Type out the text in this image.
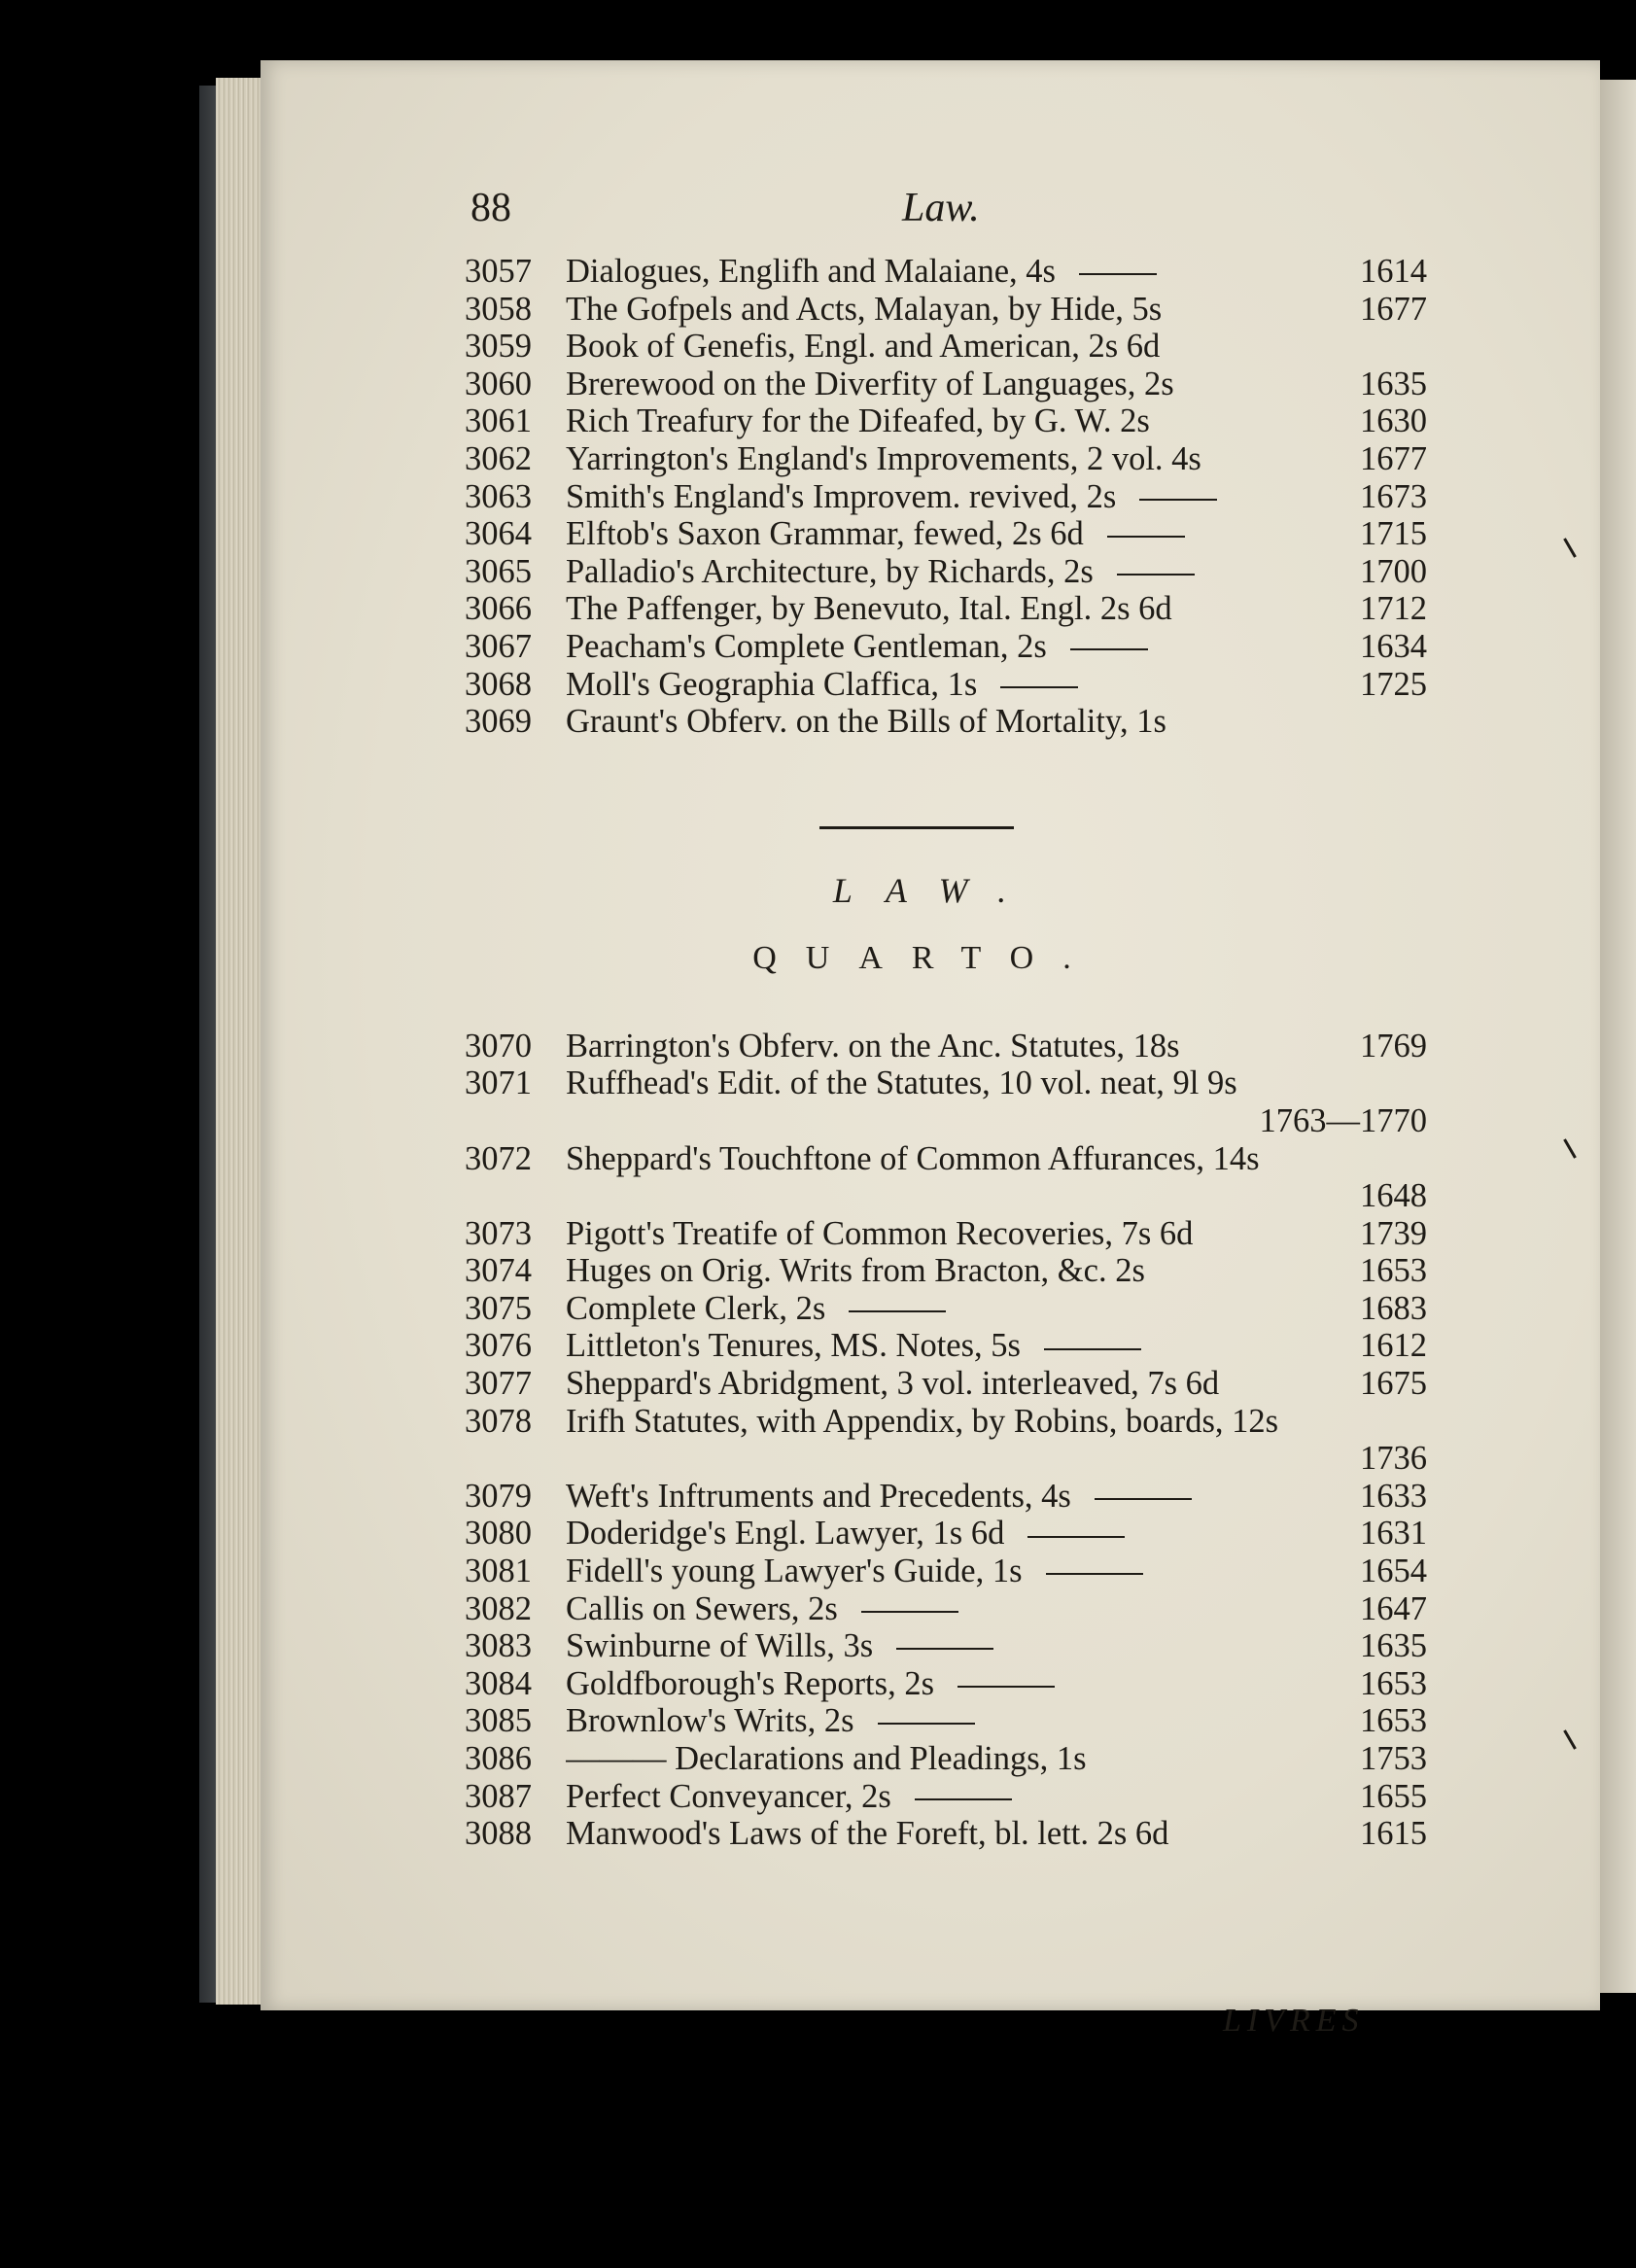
88	Law.
3057	Dialogues, Englifh and Malaiane, 4s	1614
3058	The Gofpels and Acts, Malayan, by Hide, 5s	1677
3059	Book of Genefis, Engl. and American, 2s 6d
3060	Brerewood on the Diverfity of Languages, 2s	1635
3061	Rich Treafury for the Difeafed, by G. W. 2s	1630
3062	Yarrington's England's Improvements, 2 vol. 4s	1677
3063	Smith's England's Improvem. revived, 2s	1673
3064	Elftob's Saxon Grammar, fewed, 2s 6d	1715
3065	Palladio's Architecture, by Richards, 2s	1700
3066	The Paffenger, by Benevuto, Ital. Engl. 2s 6d	1712
3067	Peacham's Complete Gentleman, 2s	1634
3068	Moll's Geographia Claffica, 1s	1725
3069	Graunt's Obferv. on the Bills of Mortality, 1s
LAW.
QUARTO.
3070	Barrington's Obferv. on the Anc. Statutes, 18s	1769
3071	Ruffhead's Edit. of the Statutes, 10 vol. neat, 9l 9s
1763—1770
3072	Sheppard's Touchftone of Common Affurances, 14s
1648
3073	Pigott's Treatife of Common Recoveries, 7s 6d	1739
3074	Huges on Orig. Writs from Bracton, &c. 2s	1653
3075	Complete Clerk, 2s	1683
3076	Littleton's Tenures, MS. Notes, 5s	1612
3077	Sheppard's Abridgment, 3 vol. interleaved, 7s 6d	1675
3078	Irifh Statutes, with Appendix, by Robins, boards, 12s
1736
3079	Weft's Inftruments and Precedents, 4s	1633
3080	Doderidge's Engl. Lawyer, 1s 6d	1631
3081	Fidell's young Lawyer's Guide, 1s	1654
3082	Callis on Sewers, 2s	1647
3083	Swinburne of Wills, 3s	1635
3084	Goldfborough's Reports, 2s	1653
3085	Brownlow's Writs, 2s	1653
3086	——— Declarations and Pleadings, 1s	1753
3087	Perfect Conveyancer, 2s	1655
3088	Manwood's Laws of the Foreft, bl. lett. 2s 6d	1615
LIVRES
